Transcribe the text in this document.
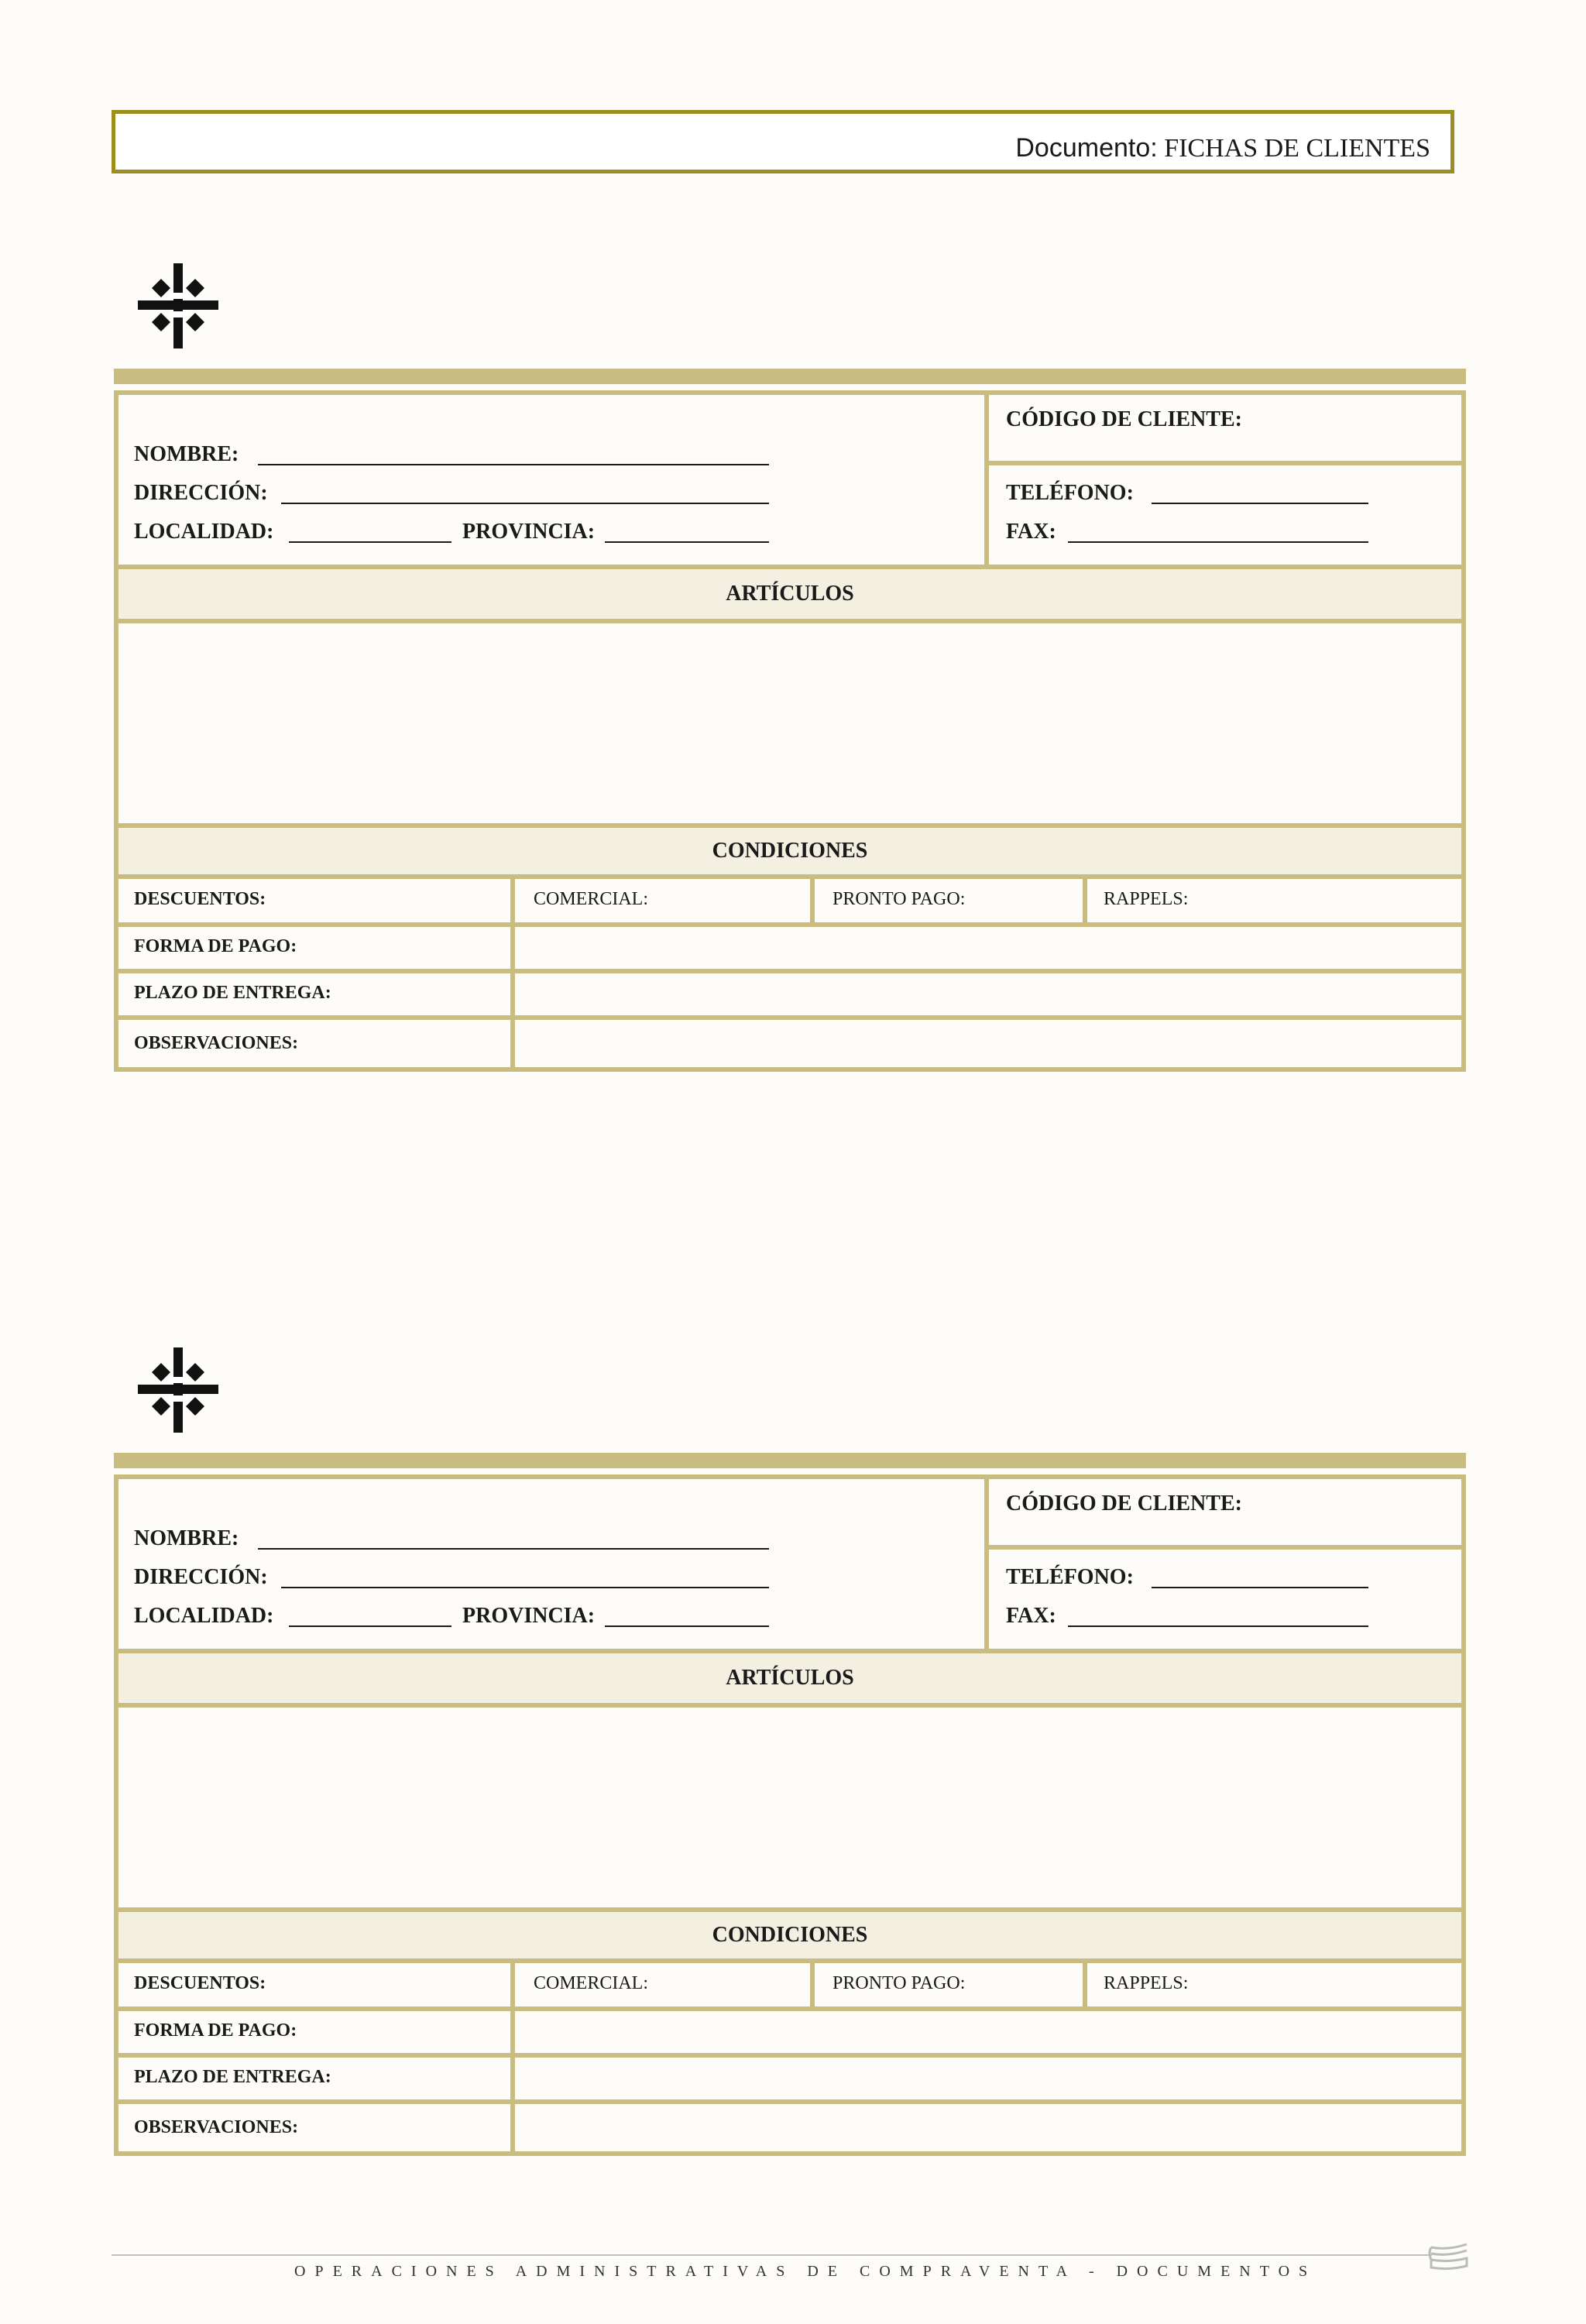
Documento: FICHAS DE CLIENTES
NOMBRE:
DIRECCIÓN:
LOCALIDAD:	PROVINCIA:
CÓDIGO DE CLIENTE:
TELÉFONO:
FAX:
ARTÍCULOS
CONDICIONES
DESCUENTOS:	COMERCIAL:	PRONTO PAGO:	RAPPELS:
FORMA DE PAGO:
PLAZO DE ENTREGA:
OBSERVACIONES:
NOMBRE:
DIRECCIÓN:
LOCALIDAD:	PROVINCIA:
CÓDIGO DE CLIENTE:
TELÉFONO:
FAX:
ARTÍCULOS
CONDICIONES
DESCUENTOS:	COMERCIAL:	PRONTO PAGO:	RAPPELS:
FORMA DE PAGO:
PLAZO DE ENTREGA:
OBSERVACIONES:
OPERACIONES ADMINISTRATIVAS DE COMPRAVENTA - DOCUMENTOS
